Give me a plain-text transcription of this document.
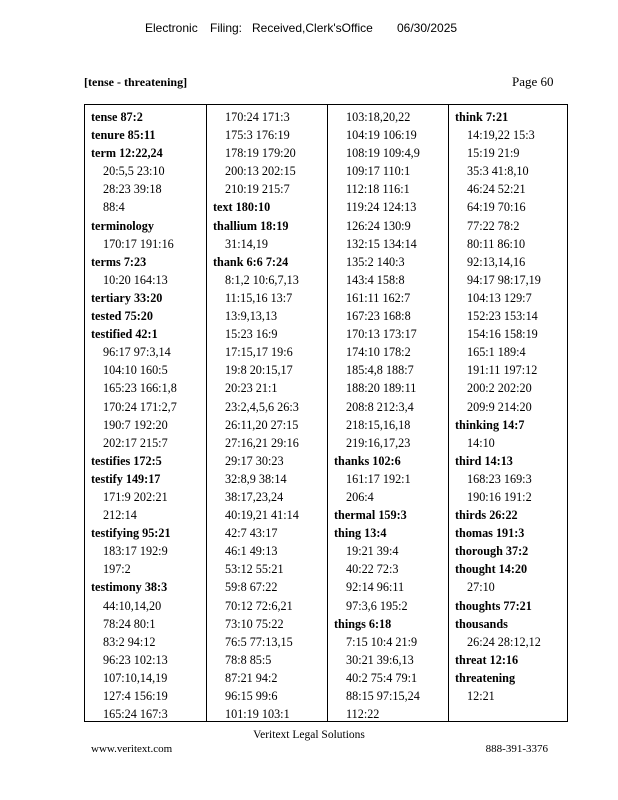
Electronic Filing: Received,Clerk'sOffice 06/30/2025
[tense - threatening]	Page 60
tense 87:2
tenure 85:11
term 12:22,24
20:5,5 23:10
28:23 39:18
88:4
terminology
170:17 191:16
terms 7:23
10:20 164:13
tertiary 33:20
tested 75:20
testified 42:1
96:17 97:3,14
104:10 160:5
165:23 166:1,8
170:24 171:2,7
190:7 192:20
202:17 215:7
testifies 172:5
testify 149:17
171:9 202:21
212:14
testifying 95:21
183:17 192:9
197:2
testimony 38:3
44:10,14,20
78:24 80:1
83:2 94:12
96:23 102:13
107:10,14,19
127:4 156:19
165:24 167:3
170:24 171:3
175:3 176:19
178:19 179:20
200:13 202:15
210:19 215:7
text 180:10
thallium 18:19
31:14,19
thank 6:6 7:24
8:1,2 10:6,7,13
11:15,16 13:7
13:9,13,13
15:23 16:9
17:15,17 19:6
19:8 20:15,17
20:23 21:1
23:2,4,5,6 26:3
26:11,20 27:15
27:16,21 29:16
29:17 30:23
32:8,9 38:14
38:17,23,24
40:19,21 41:14
42:7 43:17
46:1 49:13
53:12 55:21
59:8 67:22
70:12 72:6,21
73:10 75:22
76:5 77:13,15
78:8 85:5
87:21 94:2
96:15 99:6
101:19 103:1
103:18,20,22
104:19 106:19
108:19 109:4,9
109:17 110:1
112:18 116:1
119:24 124:13
126:24 130:9
132:15 134:14
135:2 140:3
143:4 158:8
161:11 162:7
167:23 168:8
170:13 173:17
174:10 178:2
185:4,8 188:7
188:20 189:11
208:8 212:3,4
218:15,16,18
219:16,17,23
thanks 102:6
161:17 192:1
206:4
thermal 159:3
thing 13:4
19:21 39:4
40:22 72:3
92:14 96:11
97:3,6 195:2
things 6:18
7:15 10:4 21:9
30:21 39:6,13
40:2 75:4 79:1
88:15 97:15,24
112:22
think 7:21
14:19,22 15:3
15:19 21:9
35:3 41:8,10
46:24 52:21
64:19 70:16
77:22 78:2
80:11 86:10
92:13,14,16
94:17 98:17,19
104:13 129:7
152:23 153:14
154:16 158:19
165:1 189:4
191:11 197:12
200:2 202:20
209:9 214:20
thinking 14:7
14:10
third 14:13
168:23 169:3
190:16 191:2
thirds 26:22
thomas 191:3
thorough 37:2
thought 14:20
27:10
thoughts 77:21
thousands
26:24 28:12,12
threat 12:16
threatening
12:21
Veritext Legal Solutions
www.veritext.com	888-391-3376
